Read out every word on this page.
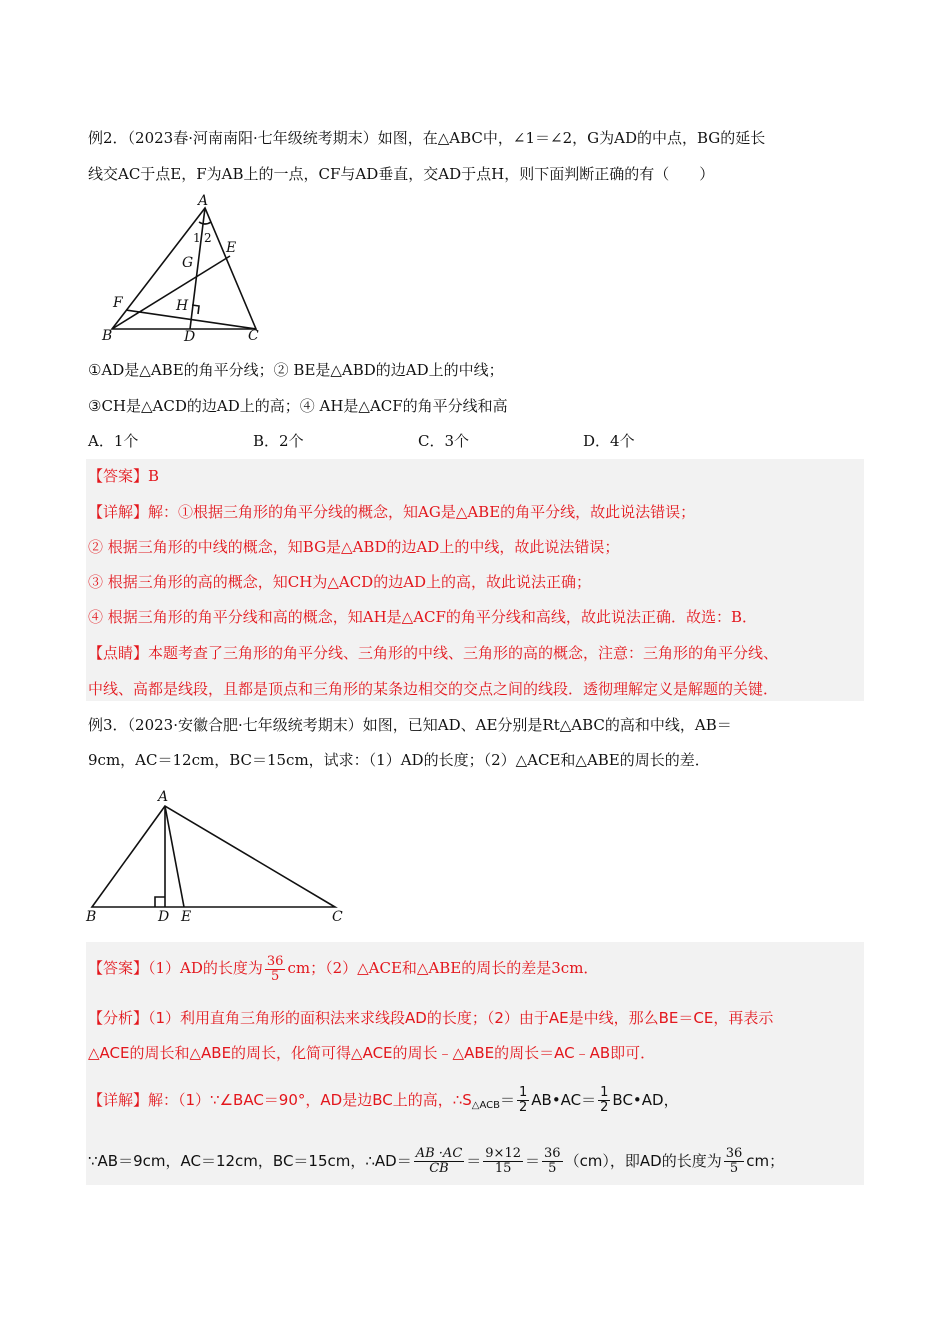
例2．（2023春·河南南阳·七年级统考期末）如图，在△ABC中，∠1＝∠2，G为AD的中点，BG的延长
线交AC于点E，F为AB上的一点，CF与AD垂直，交AD于点H，则下面判断正确的有（　　）
A
B	C
D
E
F
G
H
1 2
①AD是△ABE的角平分线；② BE是△ABD的边AD上的中线；
③CH是△ACD的边AD上的高；④ AH是△ACF的角平分线和高
A．1个	B．2个	C．3个	D．4个
【答案】B
【详解】解：①根据三角形的角平分线的概念，知AG是△ABE的角平分线，故此说法错误；
② 根据三角形的中线的概念，知BG是△ABD的边AD上的中线，故此说法错误；
③ 根据三角形的高的概念，知CH为△ACD的边AD上的高，故此说法正确；
④ 根据三角形的角平分线和高的概念，知AH是△ACF的角平分线和高线，故此说法正确．故选：B．
【点睛】本题考查了三角形的角平分线、三角形的中线、三角形的高的概念，注意：三角形的角平分线、
中线、高都是线段，且都是顶点和三角形的某条边相交的交点之间的线段．透彻理解定义是解题的关键．
例3．（2023·安徽合肥·七年级统考期末）如图，已知AD、AE分别是Rt△ABC的高和中线，AB＝
9cm，AC＝12cm，BC＝15cm，试求：（1）AD的长度；（2）△ACE和△ABE的周长的差．
A
B	C
D E
【答案】（1）AD的长度为 $\frac{36}{5}$ cm；（2）△ACE和△ABE的周长的差是3cm．
【分析】（1）利用直角三角形的面积法来求线段AD的长度；（2）由于AE是中线，那么BE＝CE，再表示
△ACE的周长和△ABE的周长，化简可得△ACE的周长﹣△ABE的周长＝AC﹣AB即可．
【详解】解：（1）∵∠BAC＝90°，AD是边BC上的高，$\therefore S_{\triangle ACB}= \frac{1}{2}$ AB•AC＝ $\frac{1}{2}$ BC•AD，
∵AB＝9cm，AC＝12cm，BC＝15cm，∴AD＝ $\frac{AB \cdot AC}{CB} = \frac{9\times 12}{15} = \frac{36}{5} (cm)$，即AD的长度为 $\frac{36}{5}$ cm；
